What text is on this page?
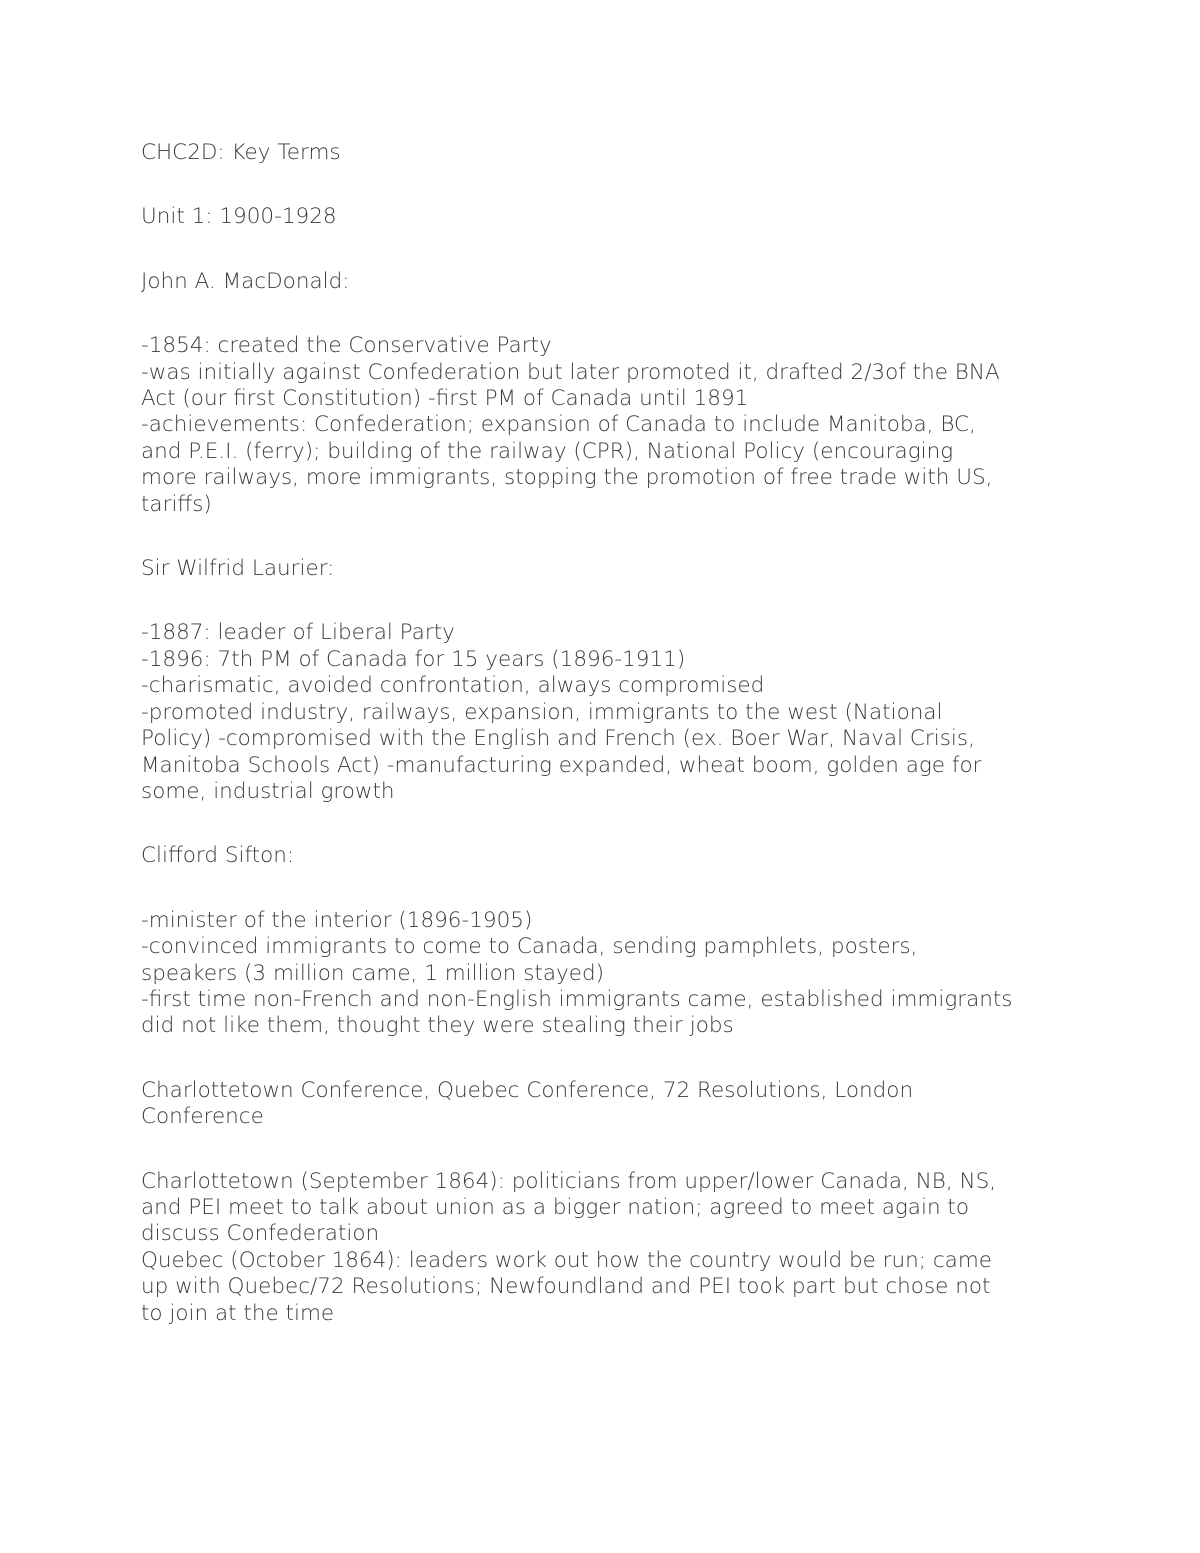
CHC2D: Key Terms
Unit 1: 1900-1928
John A. MacDonald:
-1854: created the Conservative Party
-was initially against Confederation but later promoted it, drafted 2/3of the BNA
Act (our first Constitution) -first PM of Canada until 1891
-achievements: Confederation; expansion of Canada to include Manitoba, BC,
and P.E.I. (ferry); building of the railway (CPR), National Policy (encouraging
more railways, more immigrants, stopping the promotion of free trade with US,
tariffs)
Sir Wilfrid Laurier:
-1887: leader of Liberal Party
-1896: 7th PM of Canada for 15 years (1896-1911)
-charismatic, avoided confrontation, always compromised
-promoted industry, railways, expansion, immigrants to the west (National
Policy) -compromised with the English and French (ex. Boer War, Naval Crisis,
Manitoba Schools Act) -manufacturing expanded, wheat boom, golden age for
some, industrial growth
Clifford Sifton:
-minister of the interior (1896-1905)
-convinced immigrants to come to Canada, sending pamphlets, posters,
speakers (3 million came, 1 million stayed)
-first time non-French and non-English immigrants came, established immigrants
did not like them, thought they were stealing their jobs
Charlottetown Conference, Quebec Conference, 72 Resolutions, London
Conference
Charlottetown (September 1864): politicians from upper/lower Canada, NB, NS,
and PEI meet to talk about union as a bigger nation; agreed to meet again to
discuss Confederation
Quebec (October 1864): leaders work out how the country would be run; came
up with Quebec/72 Resolutions; Newfoundland and PEI took part but chose not
to join at the time
